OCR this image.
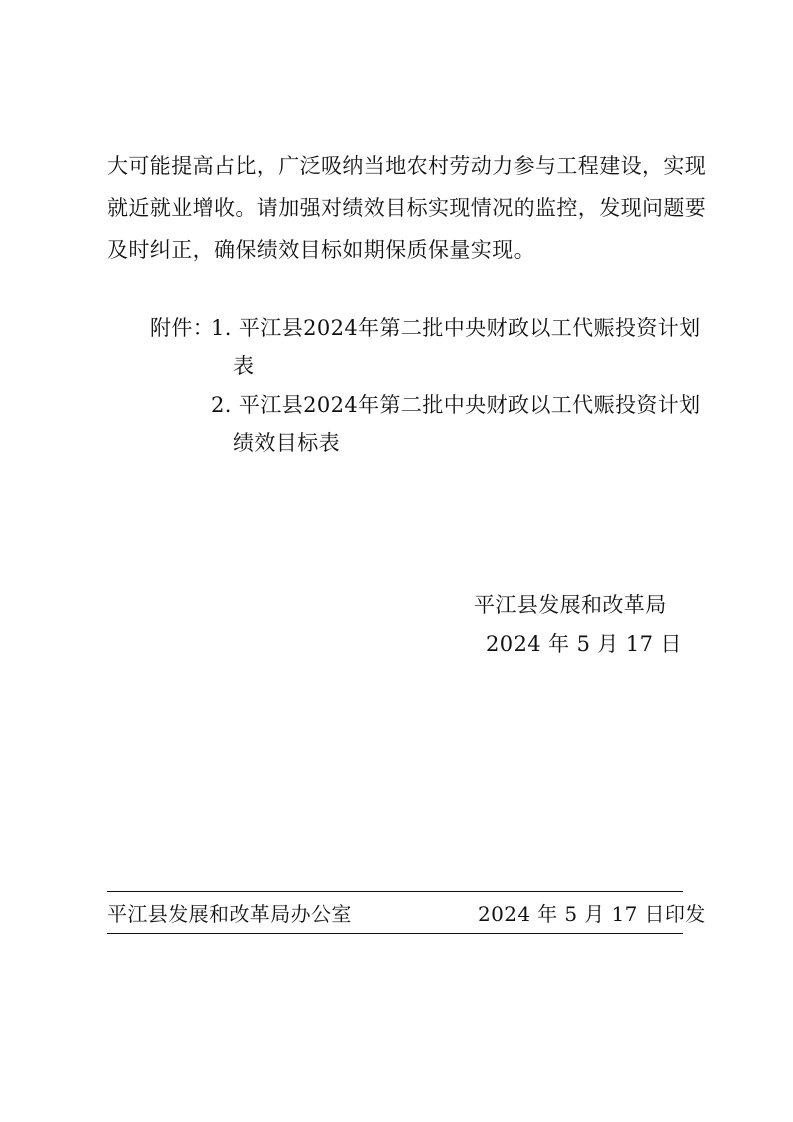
大可能提高占比，广泛吸纳当地农村劳动力参与工程建设，实现
就近就业增收。请加强对绩效目标实现情况的监控，发现问题要
及时纠正，确保绩效目标如期保质保量实现。
附件：
1. 平江县2024年第二批中央财政以工代赈投资计划
表
2. 平江县2024年第二批中央财政以工代赈投资计划
绩效目标表
平江县发展和改革局
2024 年 5 月 17 日
平江县发展和改革局办公室	2024 年 5 月 17 日印发
